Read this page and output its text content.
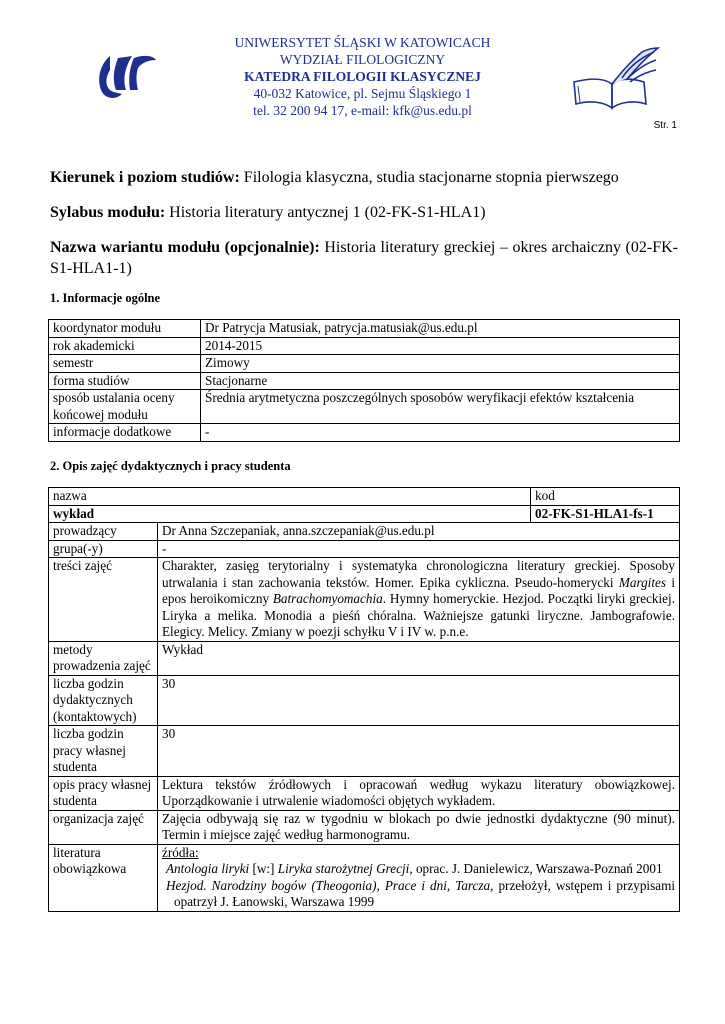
UNIWERSYTET ŚLĄSKI W KATOWICACH
WYDZIAŁ FILOLOGICZNY
KATEDRA FILOLOGII KLASYCZNEJ
40-032 Katowice, pl. Sejmu Śląskiego 1
tel. 32 200 94 17, e-mail: kfk@us.edu.pl
Str. 1
Kierunek i poziom studiów: Filologia klasyczna, studia stacjonarne stopnia pierwszego
Sylabus modułu: Historia literatury antycznej 1 (02-FK-S1-HLA1)
Nazwa wariantu modułu (opcjonalnie): Historia literatury greckiej – okres archaiczny (02-FK-S1-HLA1-1)
1. Informacje ogólne
koordynator modułu	Dr Patrycja Matusiak, patrycja.matusiak@us.edu.pl
rok akademicki	2014-2015
semestr	Zimowy
forma studiów	Stacjonarne
sposób ustalania oceny końcowej modułu	Średnia arytmetyczna poszczególnych sposobów weryfikacji efektów kształcenia
informacje dodatkowe	-
2. Opis zajęć dydaktycznych i pracy studenta
nazwa		kod
wykład		02-FK-S1-HLA1-fs-1
prowadzący	Dr Anna Szczepaniak, anna.szczepaniak@us.edu.pl	
grupa(-y)	-	
treści zajęć	Charakter, zasięg terytorialny i systematyka chronologiczna literatury greckiej. Sposoby utrwalania i stan zachowania tekstów. Homer. Epika cykliczna. Pseudo-homerycki Margites i epos heroikomiczny Batrachomyomachia. Hymny homeryckie. Hezjod. Początki liryki greckiej. Liryka a melika. Monodia a pieśń chóralna. Ważniejsze gatunki liryczne. Jambografowie. Elegicy. Melicy. Zmiany w poezji schyłku V i IV w. p.n.e.	
metody prowadzenia zajęć	Wykład	
liczba godzin dydaktycznych (kontaktowych)	30	
liczba godzin pracy własnej studenta	30	
opis pracy własnej studenta	Lektura tekstów źródłowych i opracowań według wykazu literatury obowiązkowej. Uporządkowanie i utrwalenie wiadomości objętych wykładem.	
organizacja zajęć	Zajęcia odbywają się raz w tygodniu w blokach po dwie jednostki dydaktyczne (90 minut). Termin i miejsce zajęć według harmonogramu.	
literatura obowiązkowa	źródła:
Antologia liryki [w:] Liryka starożytnej Grecji, oprac. J. Danielewicz, Warszawa-Poznań 2001
Hezjod. Narodziny bogów (Theogonia), Prace i dni, Tarcza, przełożył, wstępem i przypisami opatrzył J. Łanowski, Warszawa 1999	
